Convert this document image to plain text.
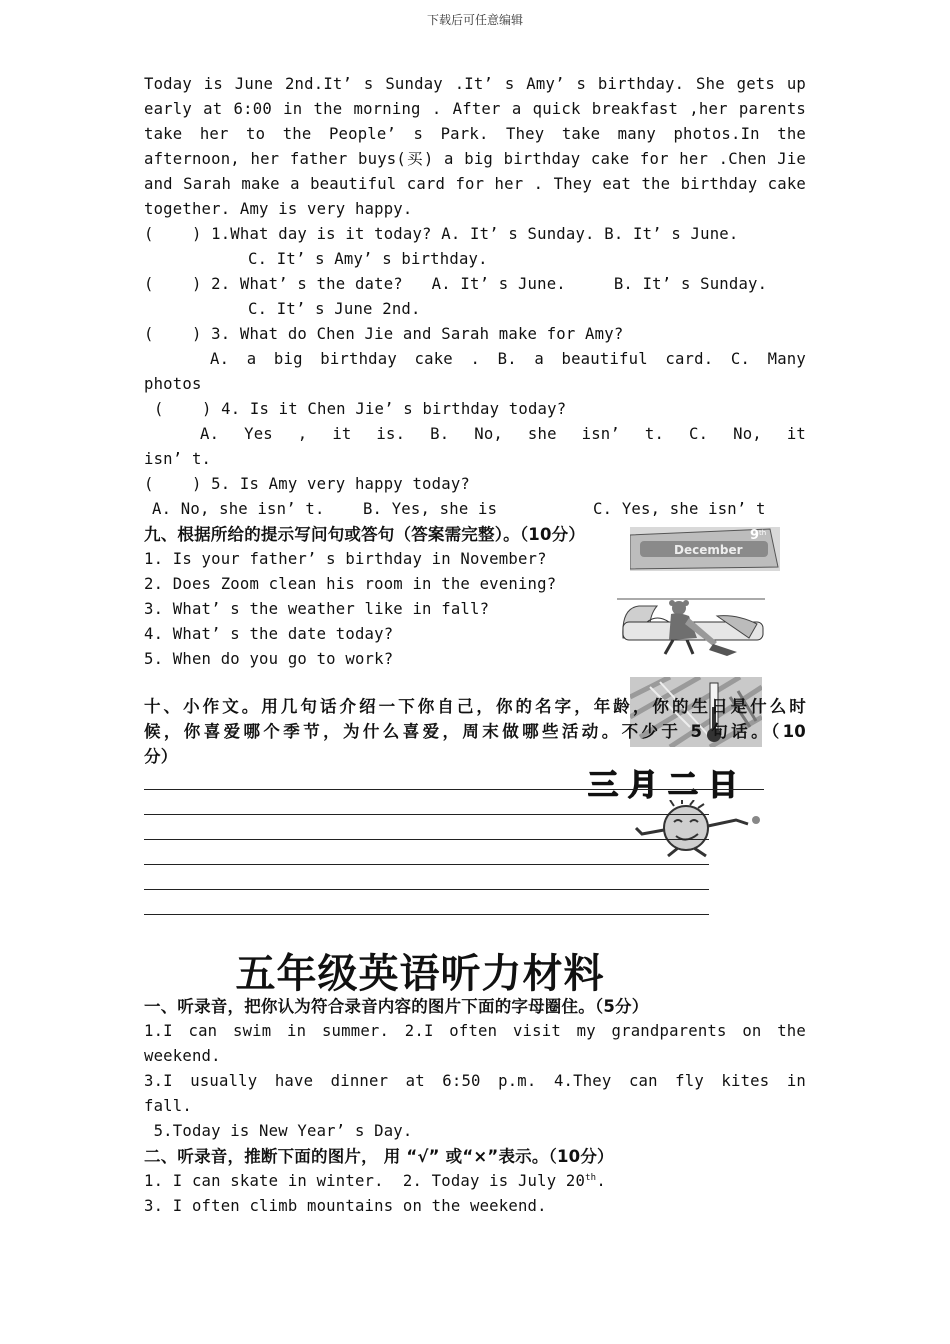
下载后可任意编辑
Today is June 2nd.It’ s Sunday .It’ s Amy’ s birthday. She gets up
early at 6:00 in the morning . After a quick breakfast ,her parents
take her to the People’ s Park. They take many photos.In the
afternoon, her father buys(买) a big birthday cake for her .Chen Jie
and Sarah make a beautiful card for her . They eat the birthday cake
together. Amy is very happy.
(    ) 1.What day is it today? A. It’ s Sunday. B. It’ s June.
C. It’ s Amy’ s birthday.
(    ) 2. What’ s the date?   A. It’ s June.     B. It’ s Sunday.
C. It’ s June 2nd.
(    ) 3. What do Chen Jie and Sarah make for Amy?
A. a big birthday cake . B. a beautiful card. C. Many
photos
(    ) 4. Is it Chen Jie’ s birthday today?
A. Yes , it is. B. No, she isn’ t. C. No, it
isn’ t.
(    ) 5. Is Amy very happy today?
A. No, she isn’ t.    B. Yes, she is          C. Yes, she isn’ t
九、根据所给的提示写问句或答句（答案需完整）。（10分）
1. Is your father’ s birthday in November?
2. Does Zoom clean his room in the evening?
3. What’ s the weather like in fall?
4. What’ s the date today?
5. When do you go to work?
9 th
December
十、小作文。用几句话介绍一下你自己，你的名字，年龄，你的生日是什么时
候，你喜爱哪个季节，为什么喜爱，周末做哪些活动。不少于 5 句话。（10
分）
三月二日
五年级英语听力材料
一、听录音，把你认为符合录音内容的图片下面的字母圈住。（5分）
1.I can swim in summer. 2.I often visit my grandparents on the
weekend.
3.I usually have dinner at 6:50 p.m. 4.They can fly kites in
fall.
5.Today is New Year’ s Day.
二、听录音，推断下面的图片， 用 “√” 或“×”表示。（10分）
1. I can skate in winter.  2. Today is July 20th.
3. I often climb mountains on the weekend.
